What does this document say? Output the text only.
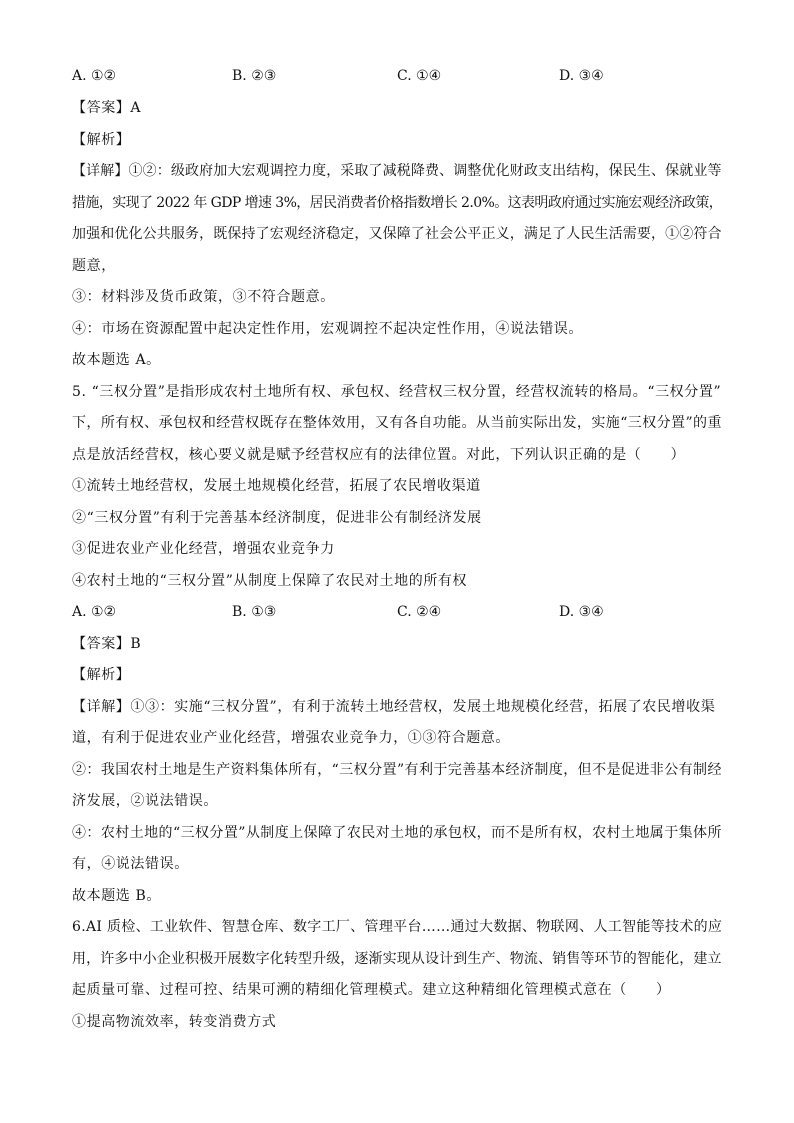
A. ①②	B. ②③	C. ①④	D. ③④
【答案】A
【解析】
【详解】①②：级政府加大宏观调控力度，采取了减税降费、调整优化财政支出结构，保民生、保就业等
措施，实现了 2022 年 GDP 增速 3%，居民消费者价格指数增长 2.0%。这表明政府通过实施宏观经济政策，
加强和优化公共服务，既保持了宏观经济稳定，又保障了社会公平正义，满足了人民生活需要，①②符合
题意，
③：材料涉及货币政策，③不符合题意。
④：市场在资源配置中起决定性作用，宏观调控不起决定性作用，④说法错误。
故本题选 A。
5. “三权分置”是指形成农村土地所有权、承包权、经营权三权分置，经营权流转的格局。“三权分置”
下，所有权、承包权和经营权既存在整体效用，又有各自功能。从当前实际出发，实施“三权分置”的重
点是放活经营权，核心要义就是赋予经营权应有的法律位置。对此，下列认识正确的是（　　）
①流转土地经营权，发展土地规模化经营，拓展了农民增收渠道
②“三权分置”有利于完善基本经济制度，促进非公有制经济发展
③促进农业产业化经营，增强农业竞争力
④农村土地的“三权分置”从制度上保障了农民对土地的所有权
A. ①②	B. ①③	C. ②④	D. ③④
【答案】B
【解析】
【详解】①③：实施“三权分置”，有利于流转土地经营权，发展土地规模化经营，拓展了农民增收渠
道，有利于促进农业产业化经营，增强农业竞争力，①③符合题意。
②：我国农村土地是生产资料集体所有，“三权分置”有利于完善基本经济制度，但不是促进非公有制经
济发展，②说法错误。
④：农村土地的“三权分置”从制度上保障了农民对土地的承包权，而不是所有权，农村土地属于集体所
有，④说法错误。
故本题选 B。
6.AI 质检、工业软件、智慧仓库、数字工厂、管理平台……通过大数据、物联网、人工智能等技术的应
用，许多中小企业积极开展数字化转型升级，逐渐实现从设计到生产、物流、销售等环节的智能化，建立
起质量可靠、过程可控、结果可溯的精细化管理模式。建立这种精细化管理模式意在（　　）
①提高物流效率，转变消费方式
